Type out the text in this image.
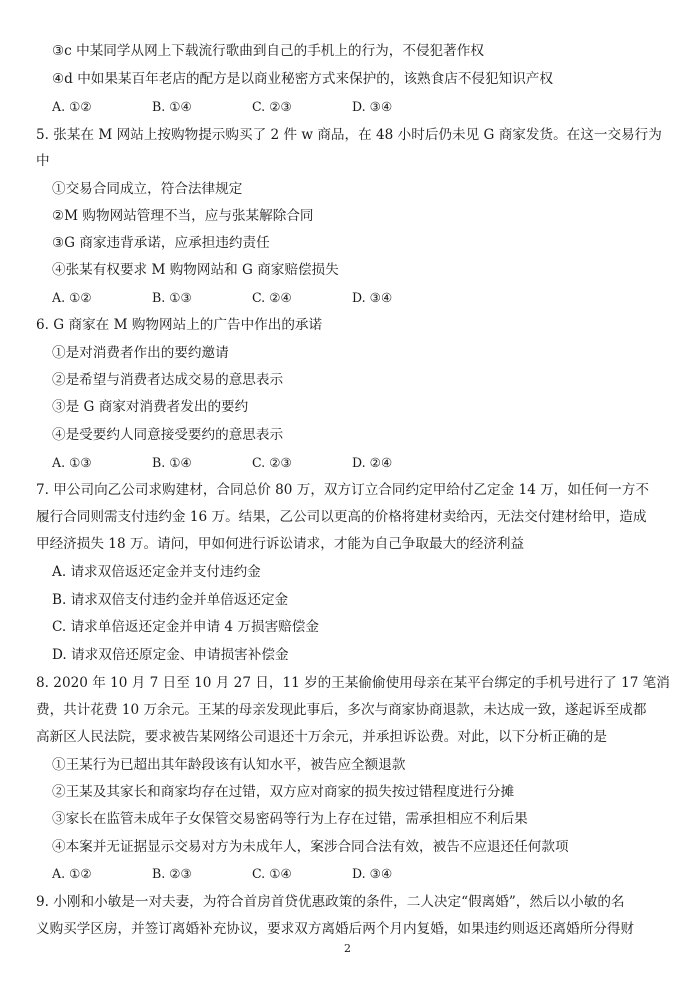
③c 中某同学从网上下载流行歌曲到自己的手机上的行为，不侵犯著作权
④d 中如果某百年老店的配方是以商业秘密方式来保护的，该熟食店不侵犯知识产权
A. ①②	B. ①④	C. ②③	D. ③④
5. 张某在 M 网站上按购物提示购买了 2 件 w 商品，在 48 小时后仍未见 G 商家发货。在这一交易行为
中
①交易合同成立，符合法律规定
②M 购物网站管理不当，应与张某解除合同
③G 商家违背承诺，应承担违约责任
④张某有权要求 M 购物网站和 G 商家赔偿损失
A. ①②	B. ①③	C. ②④	D. ③④
6. G 商家在 M 购物网站上的广告中作出的承诺
①是对消费者作出的要约邀请
②是希望与消费者达成交易的意思表示
③是 G 商家对消费者发出的要约
④是受要约人同意接受要约的意思表示
A. ①③	B. ①④	C. ②③	D. ②④
7. 甲公司向乙公司求购建材，合同总价 80 万，双方订立合同约定甲给付乙定金 14 万，如任何一方不
履行合同则需支付违约金 16 万。结果，乙公司以更高的价格将建材卖给丙，无法交付建材给甲，造成
甲经济损失 18 万。请问，甲如何进行诉讼请求，才能为自己争取最大的经济利益
A. 请求双倍返还定金并支付违约金
B. 请求双倍支付违约金并单倍返还定金
C. 请求单倍返还定金并申请 4 万损害赔偿金
D. 请求双倍还原定金、申请损害补偿金
8. 2020 年 10 月 7 日至 10 月 27 日，11 岁的王某偷偷使用母亲在某平台绑定的手机号进行了 17 笔消
费，共计花费 10 万余元。王某的母亲发现此事后，多次与商家协商退款，未达成一致，遂起诉至成都
高新区人民法院，要求被告某网络公司退还十万余元，并承担诉讼费。对此，以下分析正确的是
①王某行为已超出其年龄段该有认知水平，被告应全额退款
②王某及其家长和商家均存在过错，双方应对商家的损失按过错程度进行分摊
③家长在监管未成年子女保管交易密码等行为上存在过错，需承担相应不利后果
④本案并无证据显示交易对方为未成年人，案涉合同合法有效，被告不应退还任何款项
A. ①②	B. ②③	C. ①④	D. ③④
9. 小刚和小敏是一对夫妻，为符合首房首贷优惠政策的条件，二人决定“假离婚”，然后以小敏的名
义购买学区房，并签订离婚补充协议，要求双方离婚后两个月内复婚，如果违约则返还离婚所分得财
2
